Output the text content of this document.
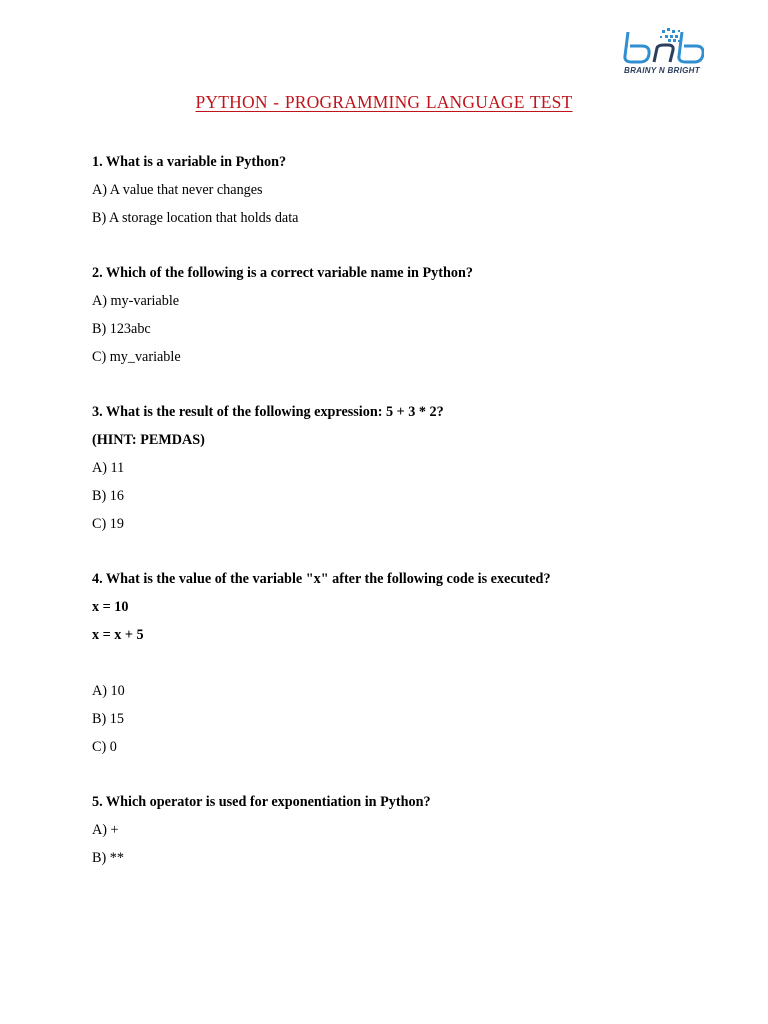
BRAINY N BRIGHT
PYTHON - PROGRAMMING LANGUAGE TEST
1. What is a variable in Python?
A) A value that never changes
B) A storage location that holds data
2. Which of the following is a correct variable name in Python?
A) my-variable
B) 123abc
C) my_variable
3. What is the result of the following expression: 5 + 3 * 2?
(HINT: PEMDAS)
A) 11
B) 16
C) 19
4. What is the value of the variable "x" after the following code is executed?
x = 10
x = x + 5
A) 10
B) 15
C) 0
5. Which operator is used for exponentiation in Python?
A) +
B) **
